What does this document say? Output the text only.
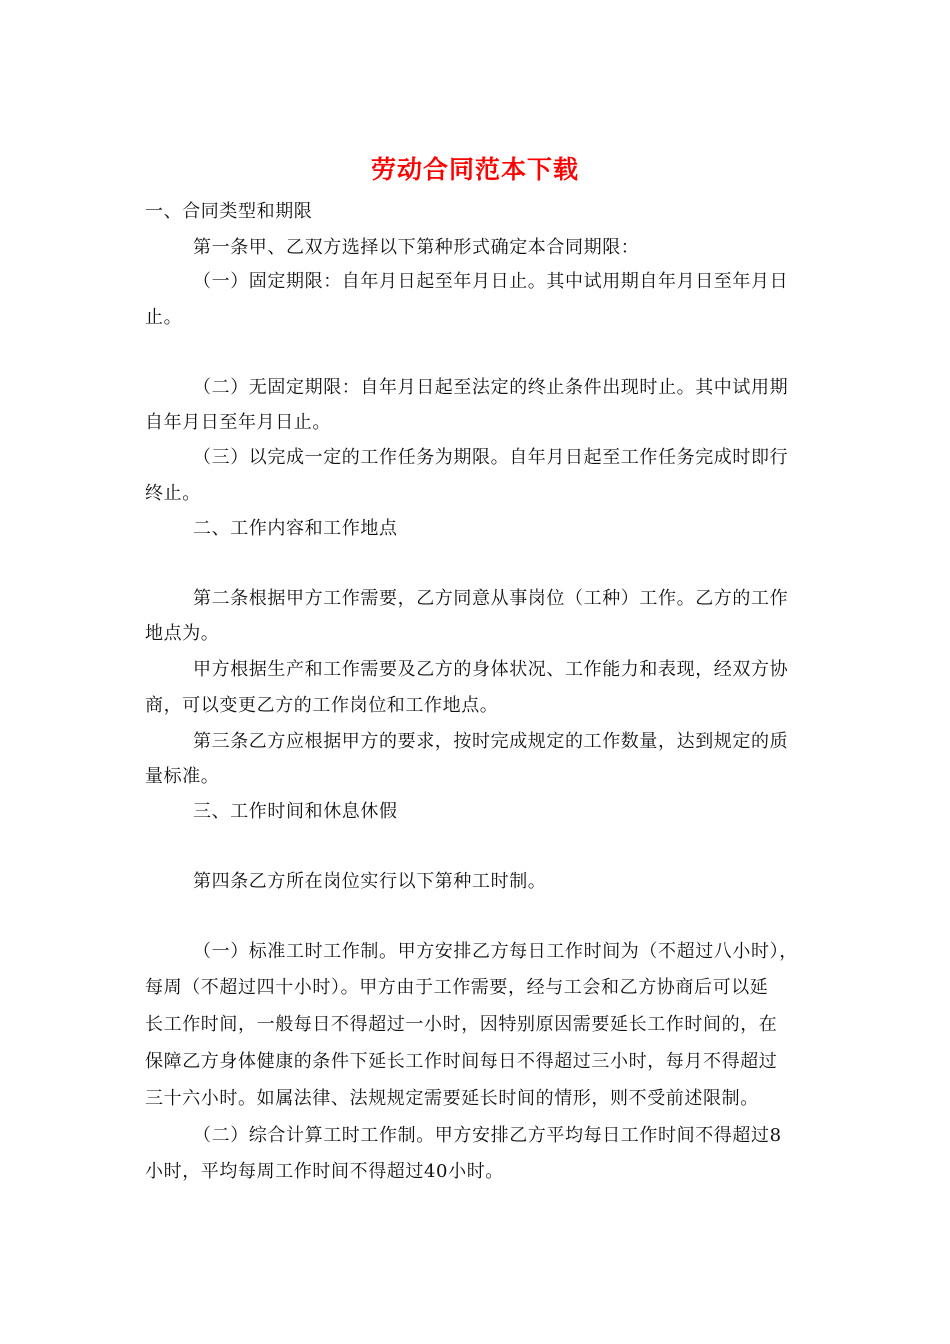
劳动合同范本下载
一、合同类型和期限
第一条甲、乙双方选择以下第种形式确定本合同期限：
（一）固定期限：自年月日起至年月日止。其中试用期自年月日至年月日
止。
（二）无固定期限：自年月日起至法定的终止条件出现时止。其中试用期
自年月日至年月日止。
（三）以完成一定的工作任务为期限。自年月日起至工作任务完成时即行
终止。
二、工作内容和工作地点
第二条根据甲方工作需要，乙方同意从事岗位（工种）工作。乙方的工作
地点为。
甲方根据生产和工作需要及乙方的身体状况、工作能力和表现，经双方协
商，可以变更乙方的工作岗位和工作地点。
第三条乙方应根据甲方的要求，按时完成规定的工作数量，达到规定的质
量标准。
三、工作时间和休息休假
第四条乙方所在岗位实行以下第种工时制。
（一）标准工时工作制。甲方安排乙方每日工作时间为（不超过八小时），
每周（不超过四十小时）。甲方由于工作需要，经与工会和乙方协商后可以延
长工作时间，一般每日不得超过一小时，因特别原因需要延长工作时间的，在
保障乙方身体健康的条件下延长工作时间每日不得超过三小时，每月不得超过
三十六小时。如属法律、法规规定需要延长时间的情形，则不受前述限制。
（二）综合计算工时工作制。甲方安排乙方平均每日工作时间不得超过8
小时，平均每周工作时间不得超过40小时。
